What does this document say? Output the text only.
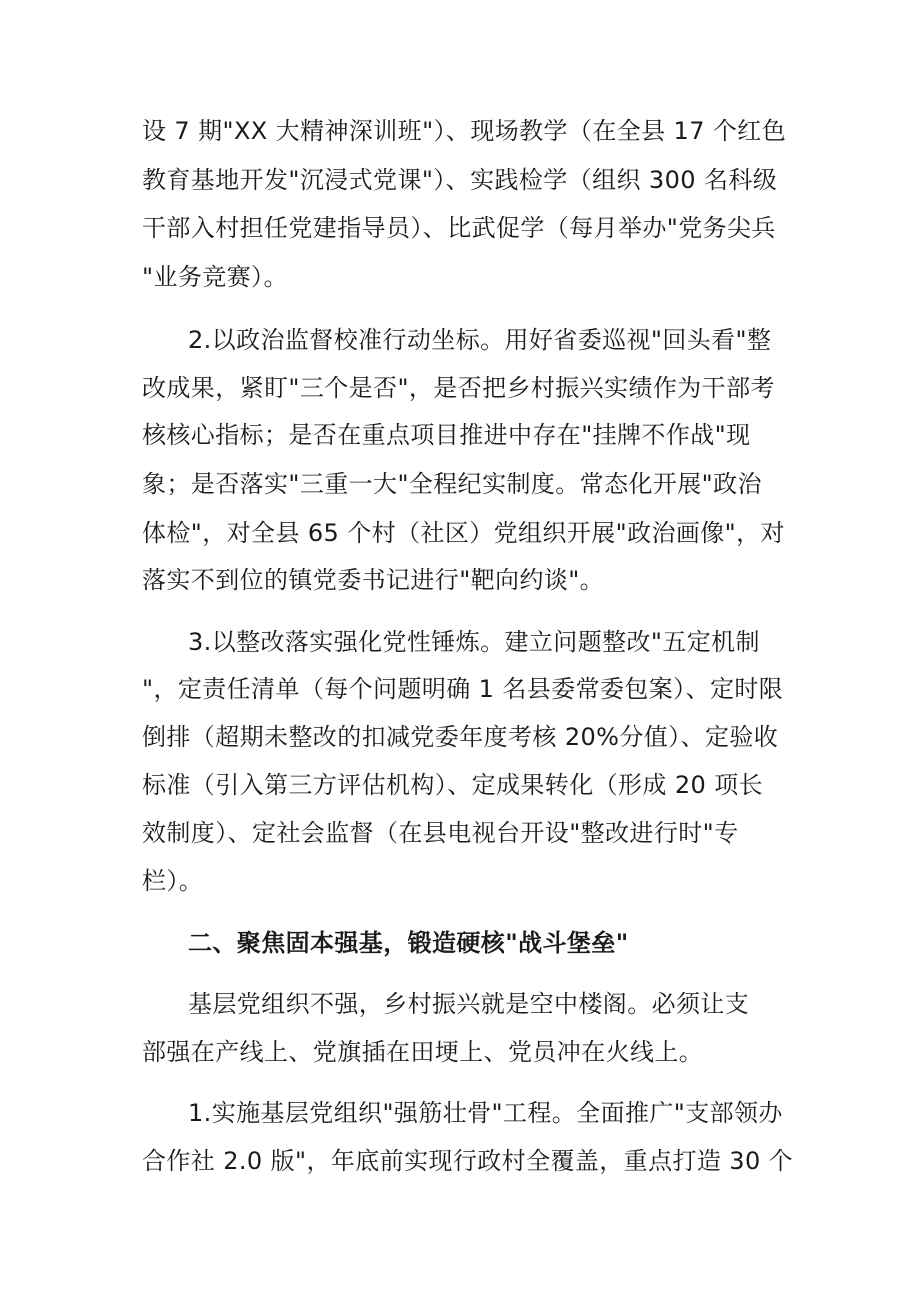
设 7 期"XX 大精神深训班"）、现场教学（在全县 17 个红色
教育基地开发"沉浸式党课"）、实践检学（组织 300 名科级
干部入村担任党建指导员）、比武促学（每月举办"党务尖兵
"业务竞赛）。
2.以政治监督校准行动坐标。用好省委巡视"回头看"整
改成果，紧盯"三个是否"，是否把乡村振兴实绩作为干部考
核核心指标；是否在重点项目推进中存在"挂牌不作战"现
象；是否落实"三重一大"全程纪实制度。常态化开展"政治
体检"，对全县 65 个村（社区）党组织开展"政治画像"，对
落实不到位的镇党委书记进行"靶向约谈"。
3.以整改落实强化党性锤炼。建立问题整改"五定机制
"，定责任清单（每个问题明确 1 名县委常委包案）、定时限
倒排（超期未整改的扣减党委年度考核 20%分值）、定验收
标准（引入第三方评估机构）、定成果转化（形成 20 项长
效制度）、定社会监督（在县电视台开设"整改进行时"专
栏）。
二、聚焦固本强基，锻造硬核"战斗堡垒"
基层党组织不强，乡村振兴就是空中楼阁。必须让支
部强在产线上、党旗插在田埂上、党员冲在火线上。
1.实施基层党组织"强筋壮骨"工程。全面推广"支部领办
合作社 2.0 版"，年底前实现行政村全覆盖，重点打造 30 个
